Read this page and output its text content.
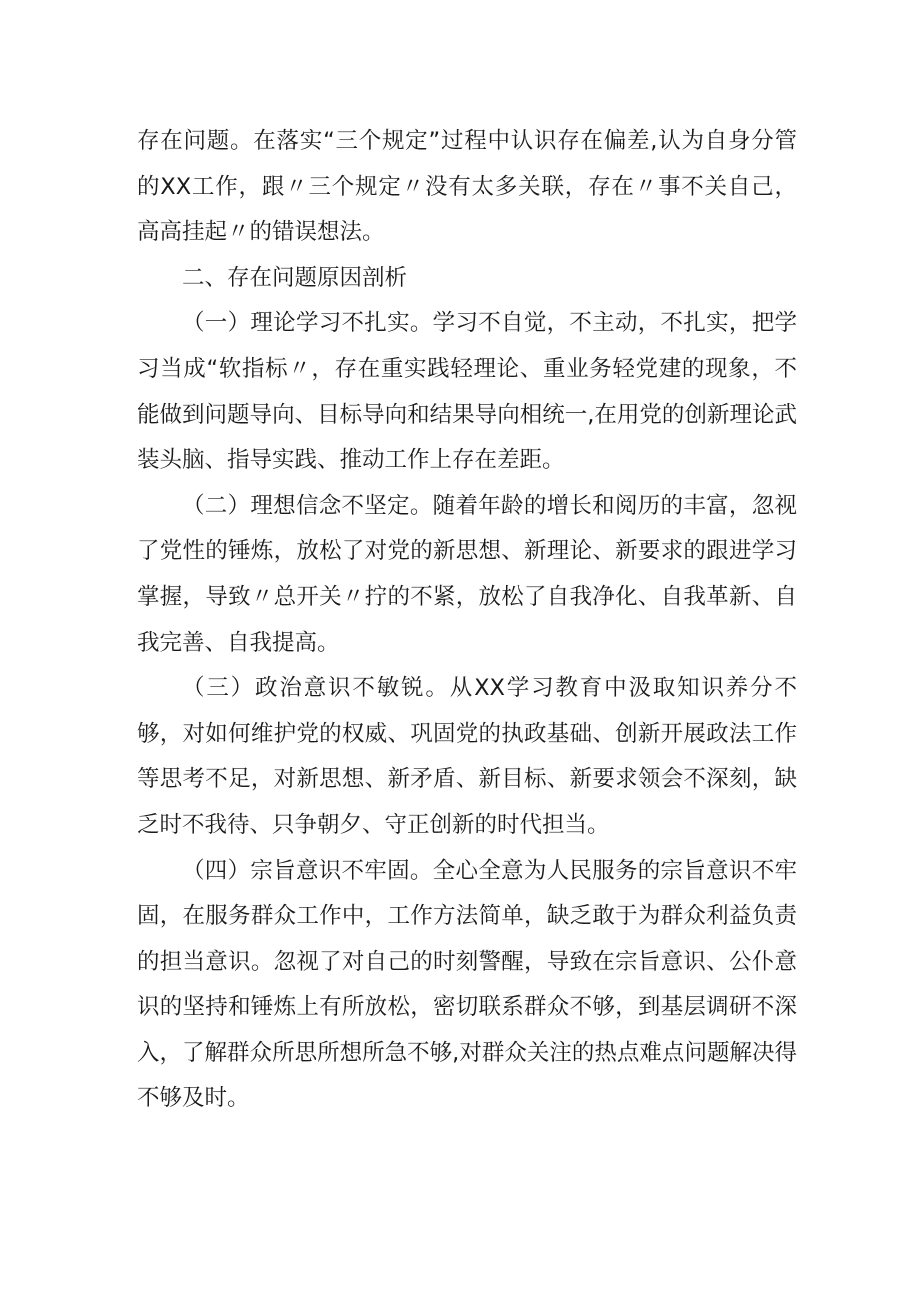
存在问题。在落实“三个规定”过程中认识存在偏差,认为自身分管的XX工作，跟〃三个规定〃没有太多关联，存在〃事不关自己，高高挂起〃的错误想法。

二、存在问题原因剖析

（一）理论学习不扎实。学习不自觉，不主动，不扎实，把学习当成“软指标〃，存在重实践轻理论、重业务轻党建的现象，不能做到问题导向、目标导向和结果导向相统一,在用党的创新理论武装头脑、指导实践、推动工作上存在差距。

（二）理想信念不坚定。随着年龄的增长和阅历的丰富，忽视了党性的锤炼，放松了对党的新思想、新理论、新要求的跟进学习掌握，导致〃总开关〃拧的不紧，放松了自我净化、自我革新、自我完善、自我提高。

（三）政治意识不敏锐。从XX学习教育中汲取知识养分不够，对如何维护党的权威、巩固党的执政基础、创新开展政法工作等思考不足，对新思想、新矛盾、新目标、新要求领会不深刻，缺乏时不我待、只争朝夕、守正创新的时代担当。

（四）宗旨意识不牢固。全心全意为人民服务的宗旨意识不牢固，在服务群众工作中，工作方法简单，缺乏敢于为群众利益负责的担当意识。忽视了对自己的时刻警醒，导致在宗旨意识、公仆意识的坚持和锤炼上有所放松，密切联系群众不够，到基层调研不深入，了解群众所思所想所急不够,对群众关注的热点难点问题解决得不够及时。
